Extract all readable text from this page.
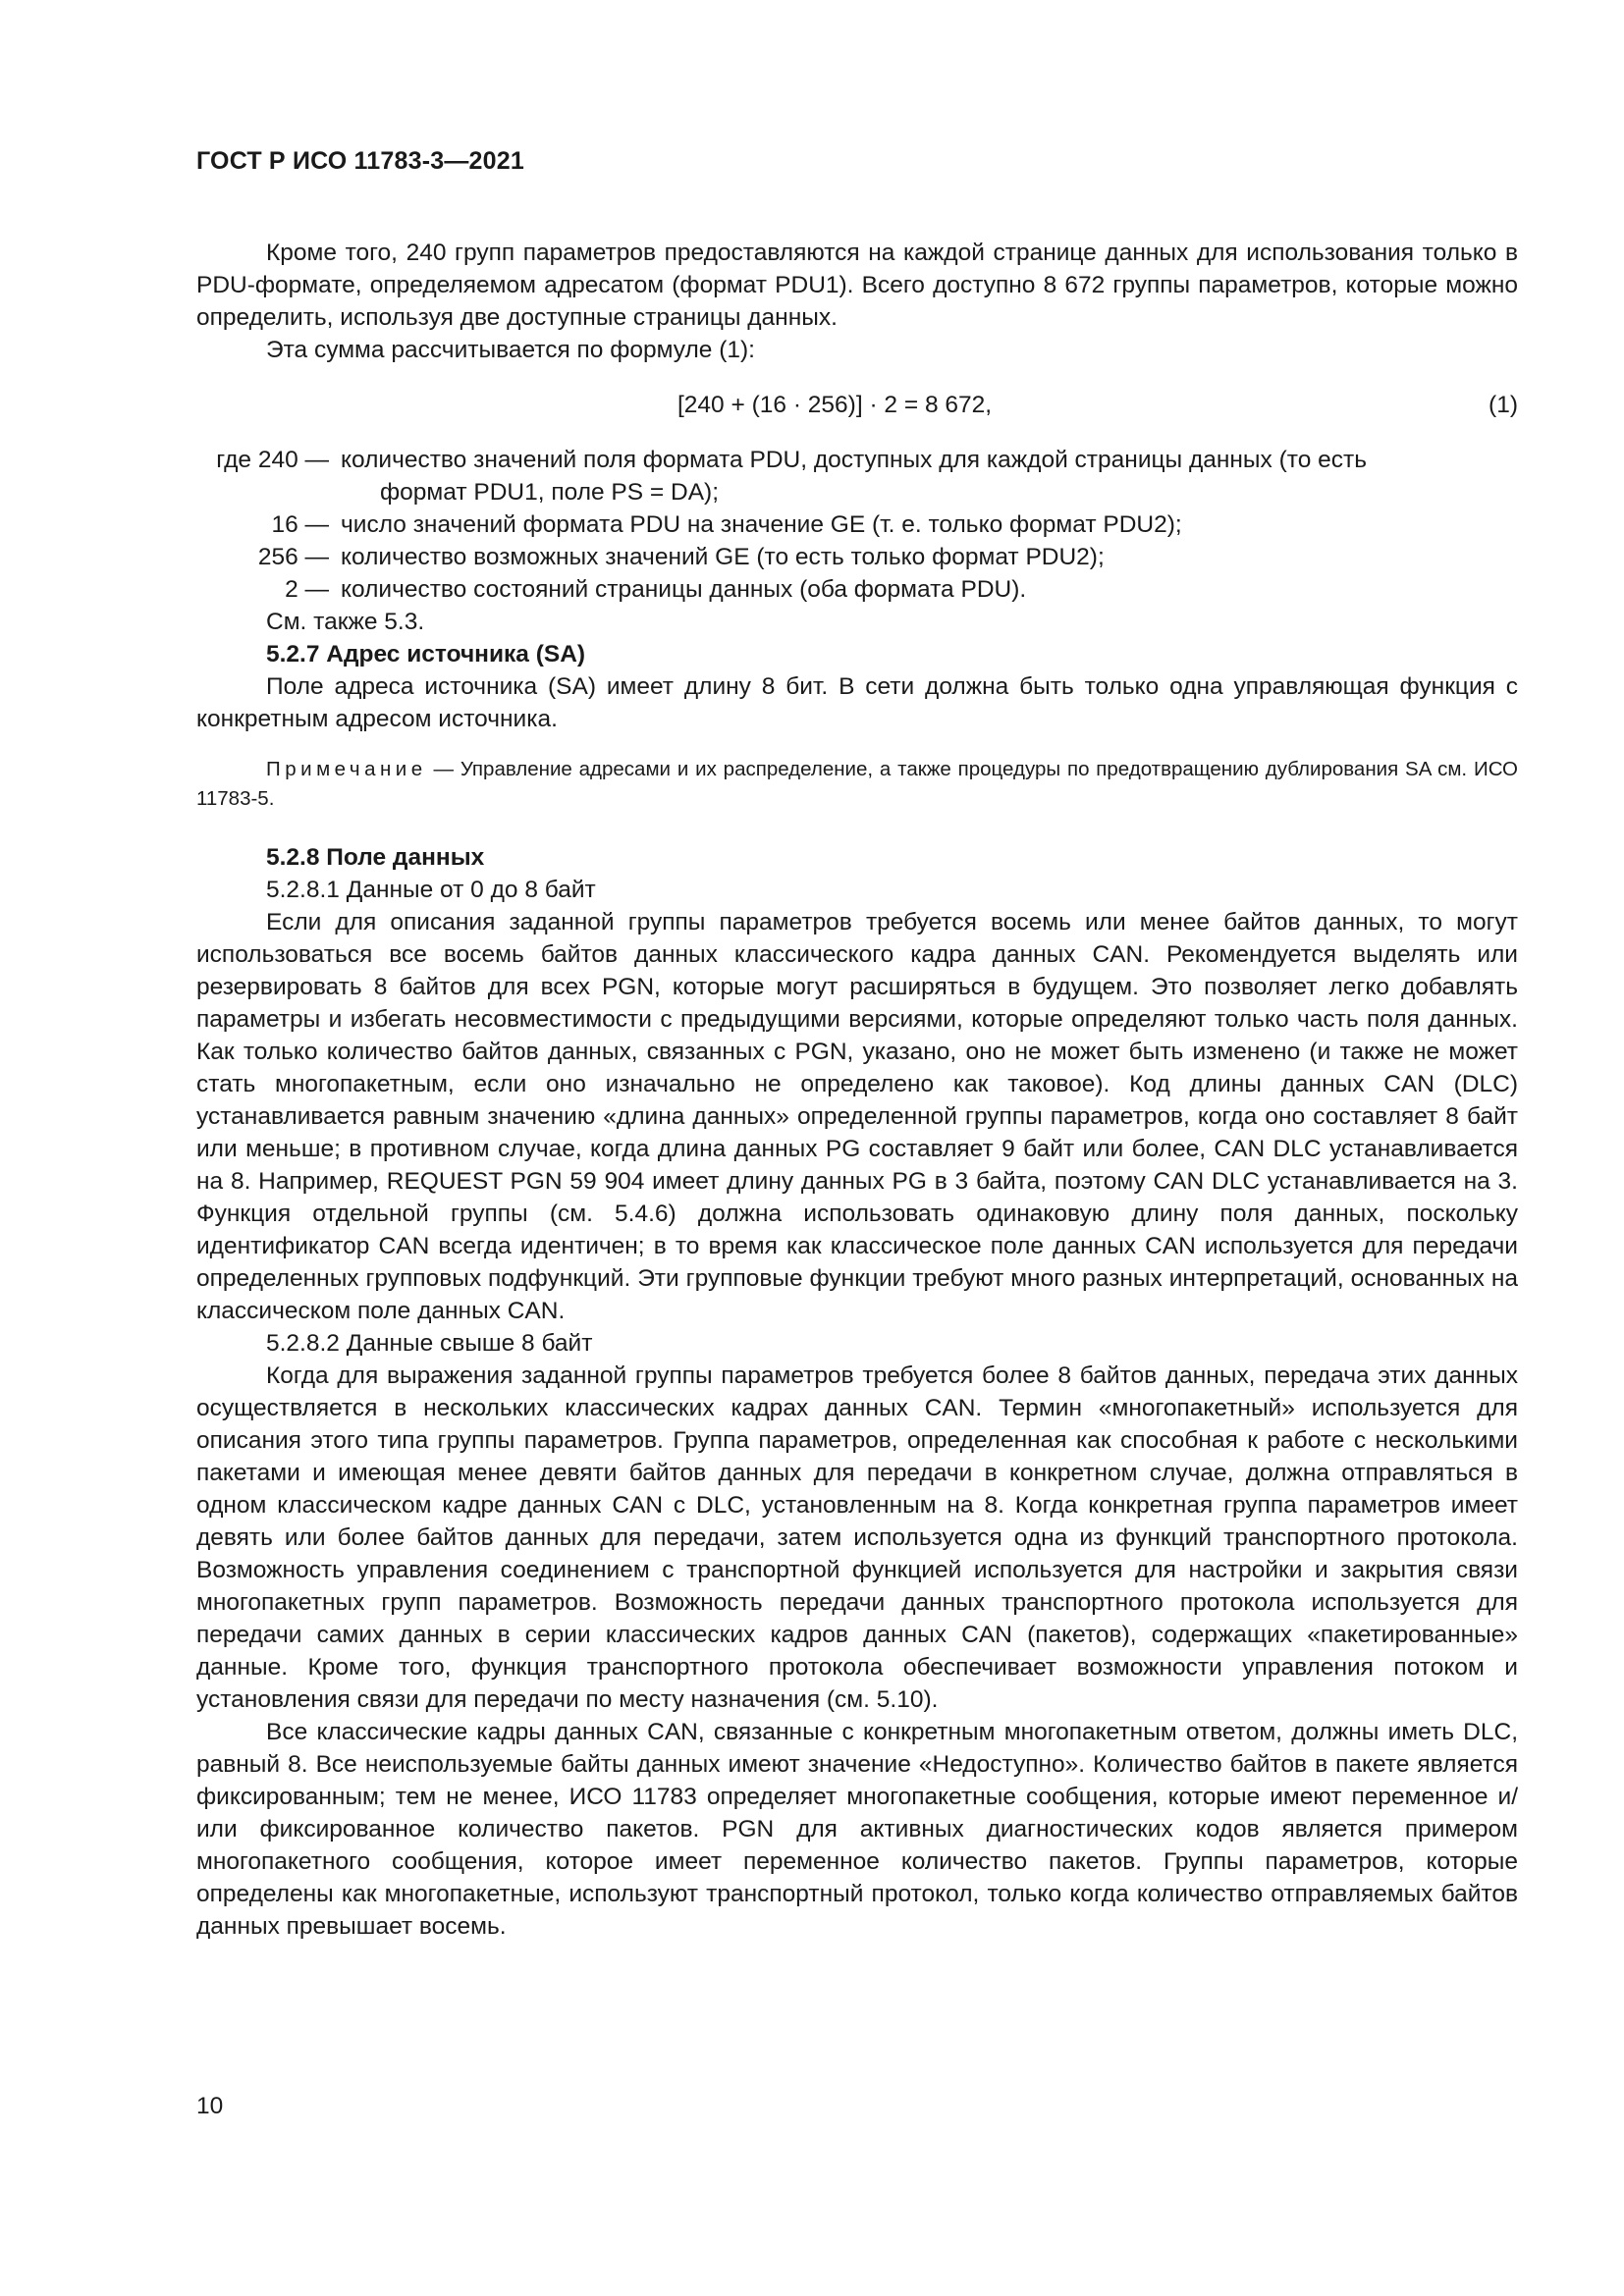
ГОСТ Р ИСО 11783-3—2021

Кроме того, 240 групп параметров предоставляются на каждой странице данных для использования только в PDU-формате, определяемом адресатом (формат PDU1). Всего доступно 8 672 группы параметров, которые можно определить, используя две доступные страницы данных.

Эта сумма рассчитывается по формуле (1):

[240 + (16 · 256)] · 2 = 8 672,	(1)
где 240 — количество значений поля формата PDU, доступных для каждой страницы данных (то есть
формат PDU1, поле PS = DA);
16 — число значений формата PDU на значение GE (т. е. только формат PDU2);
256 — количество возможных значений GE (то есть только формат PDU2);
2 — количество состояний страницы данных (оба формата PDU).

См. также 5.3.

5.2.7 Адрес источника (SA)

Поле адреса источника (SA) имеет длину 8 бит. В сети должна быть только одна управляющая функция с конкретным адресом источника.

Примечание — Управление адресами и их распределение, а также процедуры по предотвращению дублирования SA см. ИСО 11783-5.

5.2.8 Поле данных

5.2.8.1 Данные от 0 до 8 байт

Если для описания заданной группы параметров требуется восемь или менее байтов данных, то могут использоваться все восемь байтов данных классического кадра данных CAN. Рекомендуется выделять или резервировать 8 байтов для всех PGN, которые могут расширяться в будущем. Это позволяет легко добавлять параметры и избегать несовместимости с предыдущими версиями, которые определяют только часть поля данных. Как только количество байтов данных, связанных с PGN, указано, оно не может быть изменено (и также не может стать многопакетным, если оно изначально не определено как таковое). Код длины данных CAN (DLC) устанавливается равным значению «длина данных» определенной группы параметров, когда оно составляет 8 байт или меньше; в противном случае, когда длина данных PG составляет 9 байт или более, CAN DLC устанавливается на 8. Например, REQUEST PGN 59 904 имеет длину данных PG в 3 байта, поэтому CAN DLC устанавливается на 3. Функция отдельной группы (см. 5.4.6) должна использовать одинаковую длину поля данных, поскольку идентификатор CAN всегда идентичен; в то время как классическое поле данных CAN используется для передачи определенных групповых подфункций. Эти групповые функции требуют много разных интерпретаций, основанных на классическом поле данных CAN.

5.2.8.2 Данные свыше 8 байт

Когда для выражения заданной группы параметров требуется более 8 байтов данных, передача этих данных осуществляется в нескольких классических кадрах данных CAN. Термин «многопакетный» используется для описания этого типа группы параметров. Группа параметров, определенная как способная к работе с несколькими пакетами и имеющая менее девяти байтов данных для передачи в конкретном случае, должна отправляться в одном классическом кадре данных CAN с DLC, установленным на 8. Когда конкретная группа параметров имеет девять или более байтов данных для передачи, затем используется одна из функций транспортного протокола. Возможность управления соединением с транспортной функцией используется для настройки и закрытия связи многопакетных групп параметров. Возможность передачи данных транспортного протокола используется для передачи самих данных в серии классических кадров данных CAN (пакетов), содержащих «пакетированные» данные. Кроме того, функция транспортного протокола обеспечивает возможности управления потоком и установления связи для передачи по месту назначения (см. 5.10).

Все классические кадры данных CAN, связанные с конкретным многопакетным ответом, должны иметь DLC, равный 8. Все неиспользуемые байты данных имеют значение «Недоступно». Количество байтов в пакете является фиксированным; тем не менее, ИСО 11783 определяет многопакетные сообщения, которые имеют переменное и/или фиксированное количество пакетов. PGN для активных диагностических кодов является примером многопакетного сообщения, которое имеет переменное количество пакетов. Группы параметров, которые определены как многопакетные, используют транспортный протокол, только когда количество отправляемых байтов данных превышает восемь.

10
